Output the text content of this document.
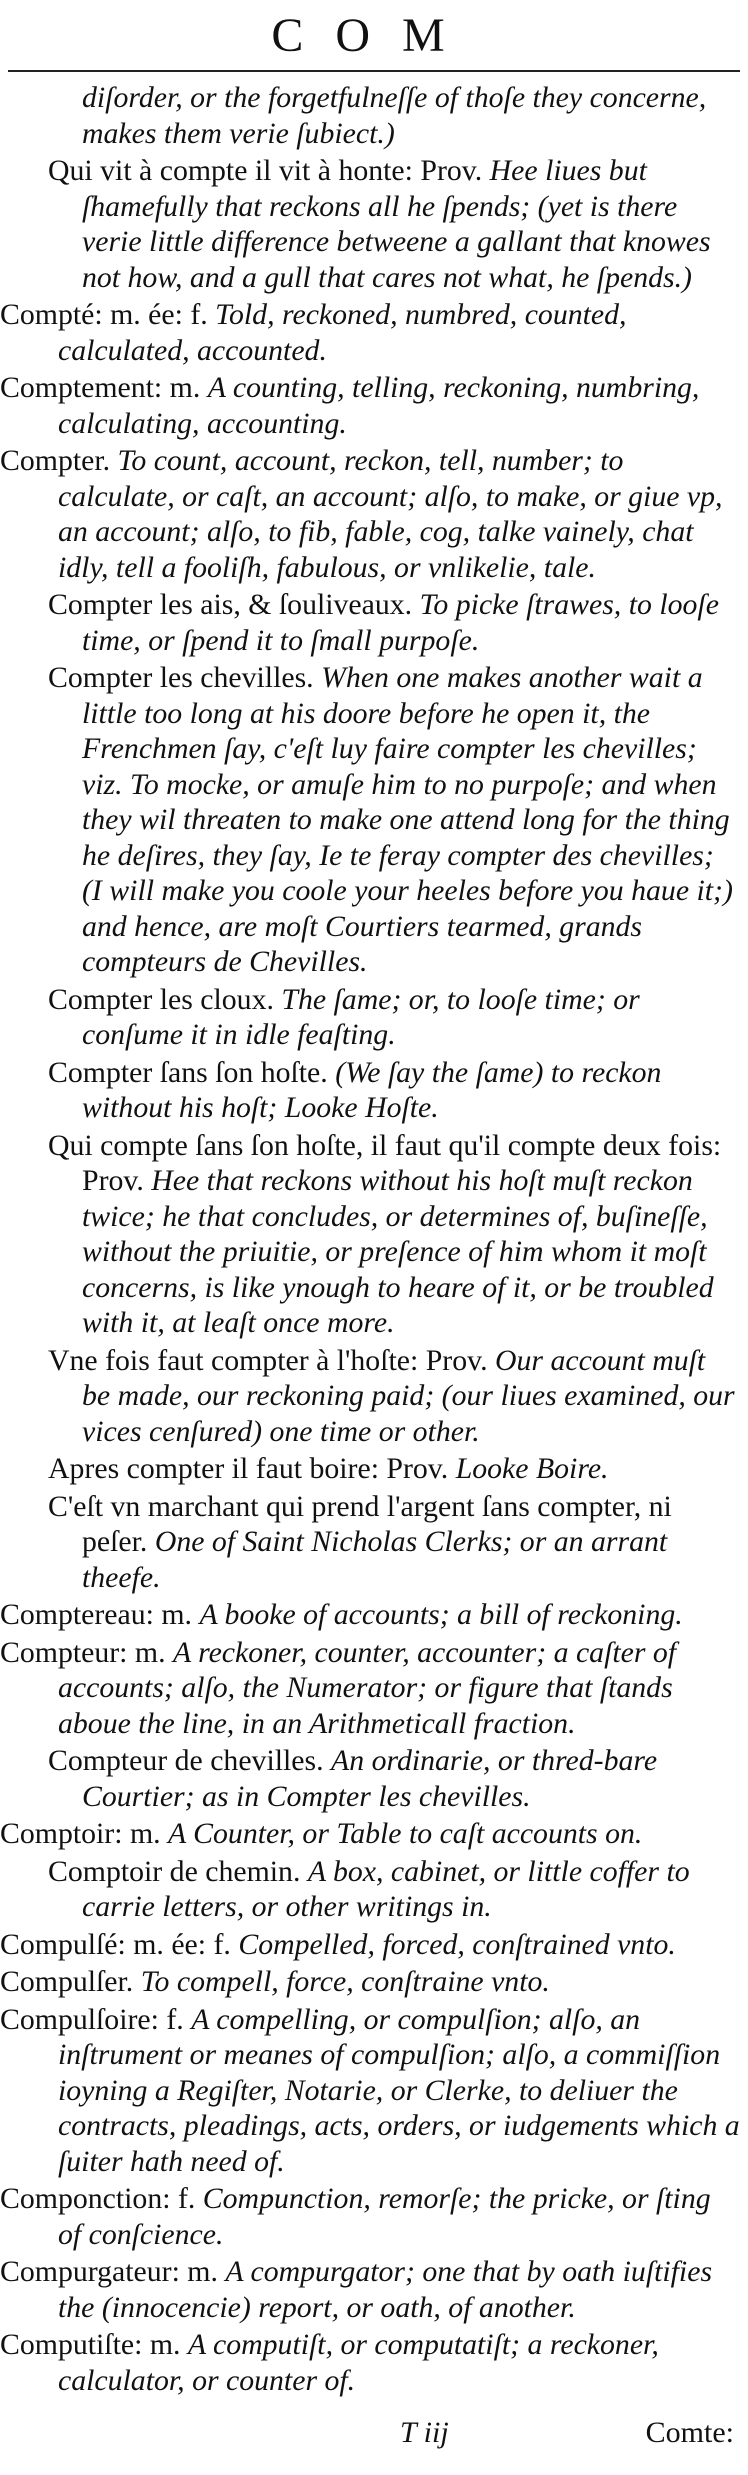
COM

diſorder, or the forgetfulneſſe of thoſe they concerne, makes them verie ſubiect.)

Qui vit à compte il vit à honte: Prov. Hee liues but ſhamefully that reckons all he ſpends; (yet is there verie little difference betweene a gallant that knowes not how, and a gull that cares not what, he ſpends.)

Compté: m. ée: f. Told, reckoned, numbred, counted, calculated, accounted.

Comptement: m. A counting, telling, reckoning, numbring, calculating, accounting.

Compter. To count, account, reckon, tell, number; to calculate, or caſt, an account; alſo, to make, or giue vp, an account; alſo, to fib, fable, cog, talke vainely, chat idly, tell a fooliſh, fabulous, or vnlikelie, tale.

Compter les ais, & ſouliveaux. To picke ſtrawes, to looſe time, or ſpend it to ſmall purpoſe.

Compter les chevilles. When one makes another wait a little too long at his doore before he open it, the Frenchmen ſay, c'eſt luy faire compter les chevilles; viz. To mocke, or amuſe him to no purpoſe; and when they wil threaten to make one attend long for the thing he deſires, they ſay, Ie te feray compter des chevilles; (I will make you coole your heeles before you haue it;) and hence, are moſt Courtiers tearmed, grands compteurs de Chevilles.

Compter les cloux. The ſame; or, to looſe time; or conſume it in idle feaſting.

Compter ſans ſon hoſte. (We ſay the ſame) to reckon without his hoſt; Looke Hoſte.

Qui compte ſans ſon hoſte, il faut qu'il compte deux fois: Prov. Hee that reckons without his hoſt muſt reckon twice; he that concludes, or determines of, buſineſſe, without the priuitie, or preſence of him whom it moſt concerns, is like ynough to heare of it, or be troubled with it, at leaſt once more.

Vne fois faut compter à l'hoſte: Prov. Our account muſt be made, our reckoning paid; (our liues examined, our vices cenſured) one time or other.

Apres compter il faut boire: Prov. Looke Boire.

C'eſt vn marchant qui prend l'argent ſans compter, ni peſer. One of Saint Nicholas Clerks; or an arrant theefe.

Comptereau: m. A booke of accounts; a bill of reckoning.

Compteur: m. A reckoner, counter, accounter; a caſter of accounts; alſo, the Numerator; or figure that ſtands aboue the line, in an Arithmeticall fraction.

Compteur de chevilles. An ordinarie, or thred-bare Courtier; as in Compter les chevilles.

Comptoir: m. A Counter, or Table to caſt accounts on.

Comptoir de chemin. A box, cabinet, or little coffer to carrie letters, or other writings in.

Compulſé: m. ée: f. Compelled, forced, conſtrained vnto.

Compulſer. To compell, force, conſtraine vnto.

Compulſoire: f. A compelling, or compulſion; alſo, an inſtrument or meanes of compulſion; alſo, a commiſſion ioyning a Regiſter, Notarie, or Clerke, to deliuer the contracts, pleadings, acts, orders, or iudgements which a ſuiter hath need of.

Componction: f. Compunction, remorſe; the pricke, or ſting of conſcience.

Compurgateur: m. A compurgator; one that by oath iuſtifies the (innocencie) report, or oath, of another.

Computiſte: m. A computiſt, or computatiſt; a reckoner, calculator, or counter of.

T iij	Comte:
